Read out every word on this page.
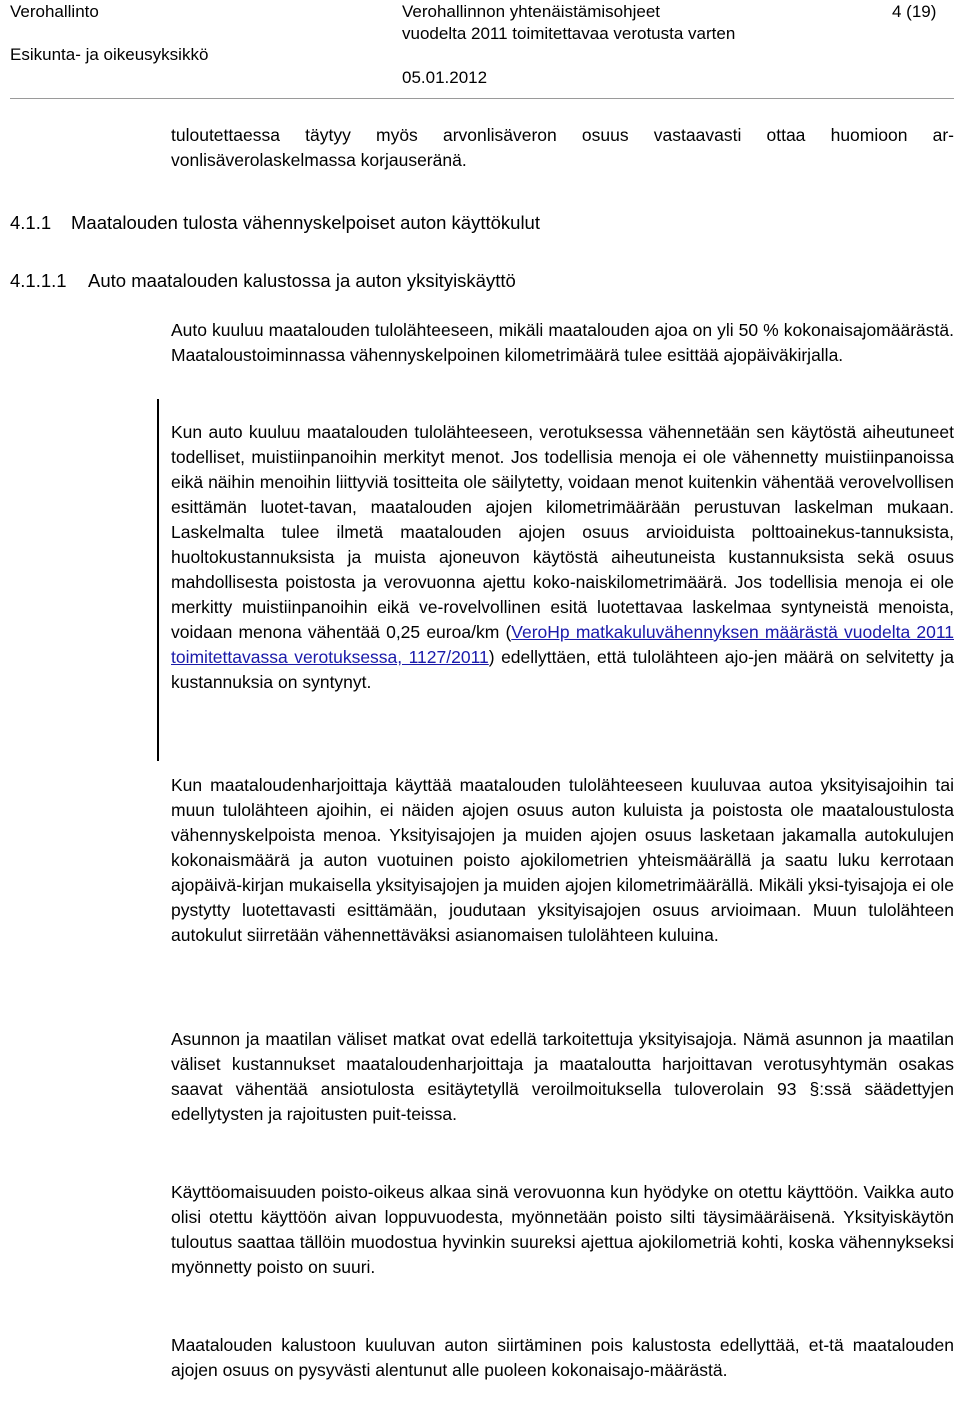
Verohallinto
Esikunta- ja oikeusyksikkö
Verohallinnon yhtenäistämisohjeet
vuodelta 2011 toimitettavaa verotusta varten
05.01.2012
4 (19)

tuloutettaessa täytyy myös arvonlisäveron osuus vastaavasti ottaa huomioon ar-vonlisäverolaskelmassa korjauseränä.

4.1.1 Maatalouden tulosta vähennyskelpoiset auton käyttökulut
4.1.1.1 Auto maatalouden kalustossa ja auton yksityiskäyttö

Auto kuuluu maatalouden tulolähteeseen, mikäli maatalouden ajoa on yli 50 % kokonaisajomäärästä. Maataloustoiminnassa vähennyskelpoinen kilometrimäärä tulee esittää ajopäiväkirjalla.

Kun auto kuuluu maatalouden tulolähteeseen, verotuksessa vähennetään sen käytöstä aiheutuneet todelliset, muistiinpanoihin merkityt menot. Jos todellisia menoja ei ole vähennetty muistiinpanoissa eikä näihin menoihin liittyviä tositteita ole säilytetty, voidaan menot kuitenkin vähentää verovelvollisen esittämän luotet-tavan, maatalouden ajojen kilometrimäärään perustuvan laskelman mukaan. Laskelmalta tulee ilmetä maatalouden ajojen osuus arvioiduista polttoainekus-tannuksista, huoltokustannuksista ja muista ajoneuvon käytöstä aiheutuneista kustannuksista sekä osuus mahdollisesta poistosta ja verovuonna ajettu koko-naiskilometrimäärä. Jos todellisia menoja ei ole merkitty muistiinpanoihin eikä ve-rovelvollinen esitä luotettavaa laskelmaa syntyneistä menoista, voidaan menona vähentää 0,25 euroa/km (VeroHp matkakuluvähennyksen määrästä vuodelta 2011 toimitettavassa verotuksessa, 1127/2011) edellyttäen, että tulolähteen ajo-jen määrä on selvitetty ja kustannuksia on syntynyt.

Kun maataloudenharjoittaja käyttää maatalouden tulolähteeseen kuuluvaa autoa yksityisajoihin tai muun tulolähteen ajoihin, ei näiden ajojen osuus auton kuluista ja poistosta ole maataloustulosta vähennyskelpoista menoa. Yksityisajojen ja muiden ajojen osuus lasketaan jakamalla autokulujen kokonaismäärä ja auton vuotuinen poisto ajokilometrien yhteismäärällä ja saatu luku kerrotaan ajopäivä-kirjan mukaisella yksityisajojen ja muiden ajojen kilometrimäärällä. Mikäli yksi-tyisajoja ei ole pystytty luotettavasti esittämään, joudutaan yksityisajojen osuus arvioimaan. Muun tulolähteen autokulut siirretään vähennettäväksi asianomaisen tulolähteen kuluina.

Asunnon ja maatilan väliset matkat ovat edellä tarkoitettuja yksityisajoja. Nämä asunnon ja maatilan väliset kustannukset maataloudenharjoittaja ja maataloutta harjoittavan verotusyhtymän osakas saavat vähentää ansiotulosta esitäytetyllä veroilmoituksella tuloverolain 93 §:ssä säädettyjen edellytysten ja rajoitusten puit-teissa.

Käyttöomaisuuden poisto-oikeus alkaa sinä verovuonna kun hyödyke on otettu käyttöön. Vaikka auto olisi otettu käyttöön aivan loppuvuodesta, myönnetään poisto silti täysimääräisenä. Yksityiskäytön tuloutus saattaa tällöin muodostua hyvinkin suureksi ajettua ajokilometriä kohti, koska vähennykseksi myönnetty poisto on suuri.

Maatalouden kalustoon kuuluvan auton siirtäminen pois kalustosta edellyttää, et-tä maatalouden ajojen osuus on pysyvästi alentunut alle puoleen kokonaisajo-määrästä.
